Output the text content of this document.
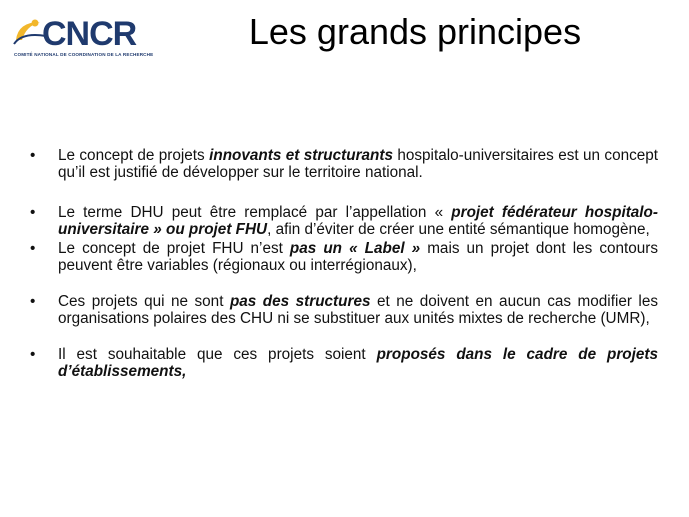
CNCR
COMITÉ NATIONAL DE COORDINATION DE LA RECHERCHE
Les grands principes
• Le concept de projets innovants et structurants hospitalo-universitaires est un concept qu’il est justifié de développer sur le territoire national.
• Le terme DHU peut être remplacé par l’appellation « projet fédérateur hospitalo-universitaire » ou projet FHU, afin d’éviter de créer une entité sémantique homogène,
• Le concept de projet FHU n’est pas un « Label » mais un projet dont les contours peuvent être variables (régionaux ou interrégionaux),
• Ces projets qui ne sont pas des structures et ne doivent en aucun cas modifier les organisations polaires des CHU ni se substituer aux unités mixtes de recherche (UMR),
• Il est souhaitable que ces projets soient proposés dans le cadre de projets d’établissements,
